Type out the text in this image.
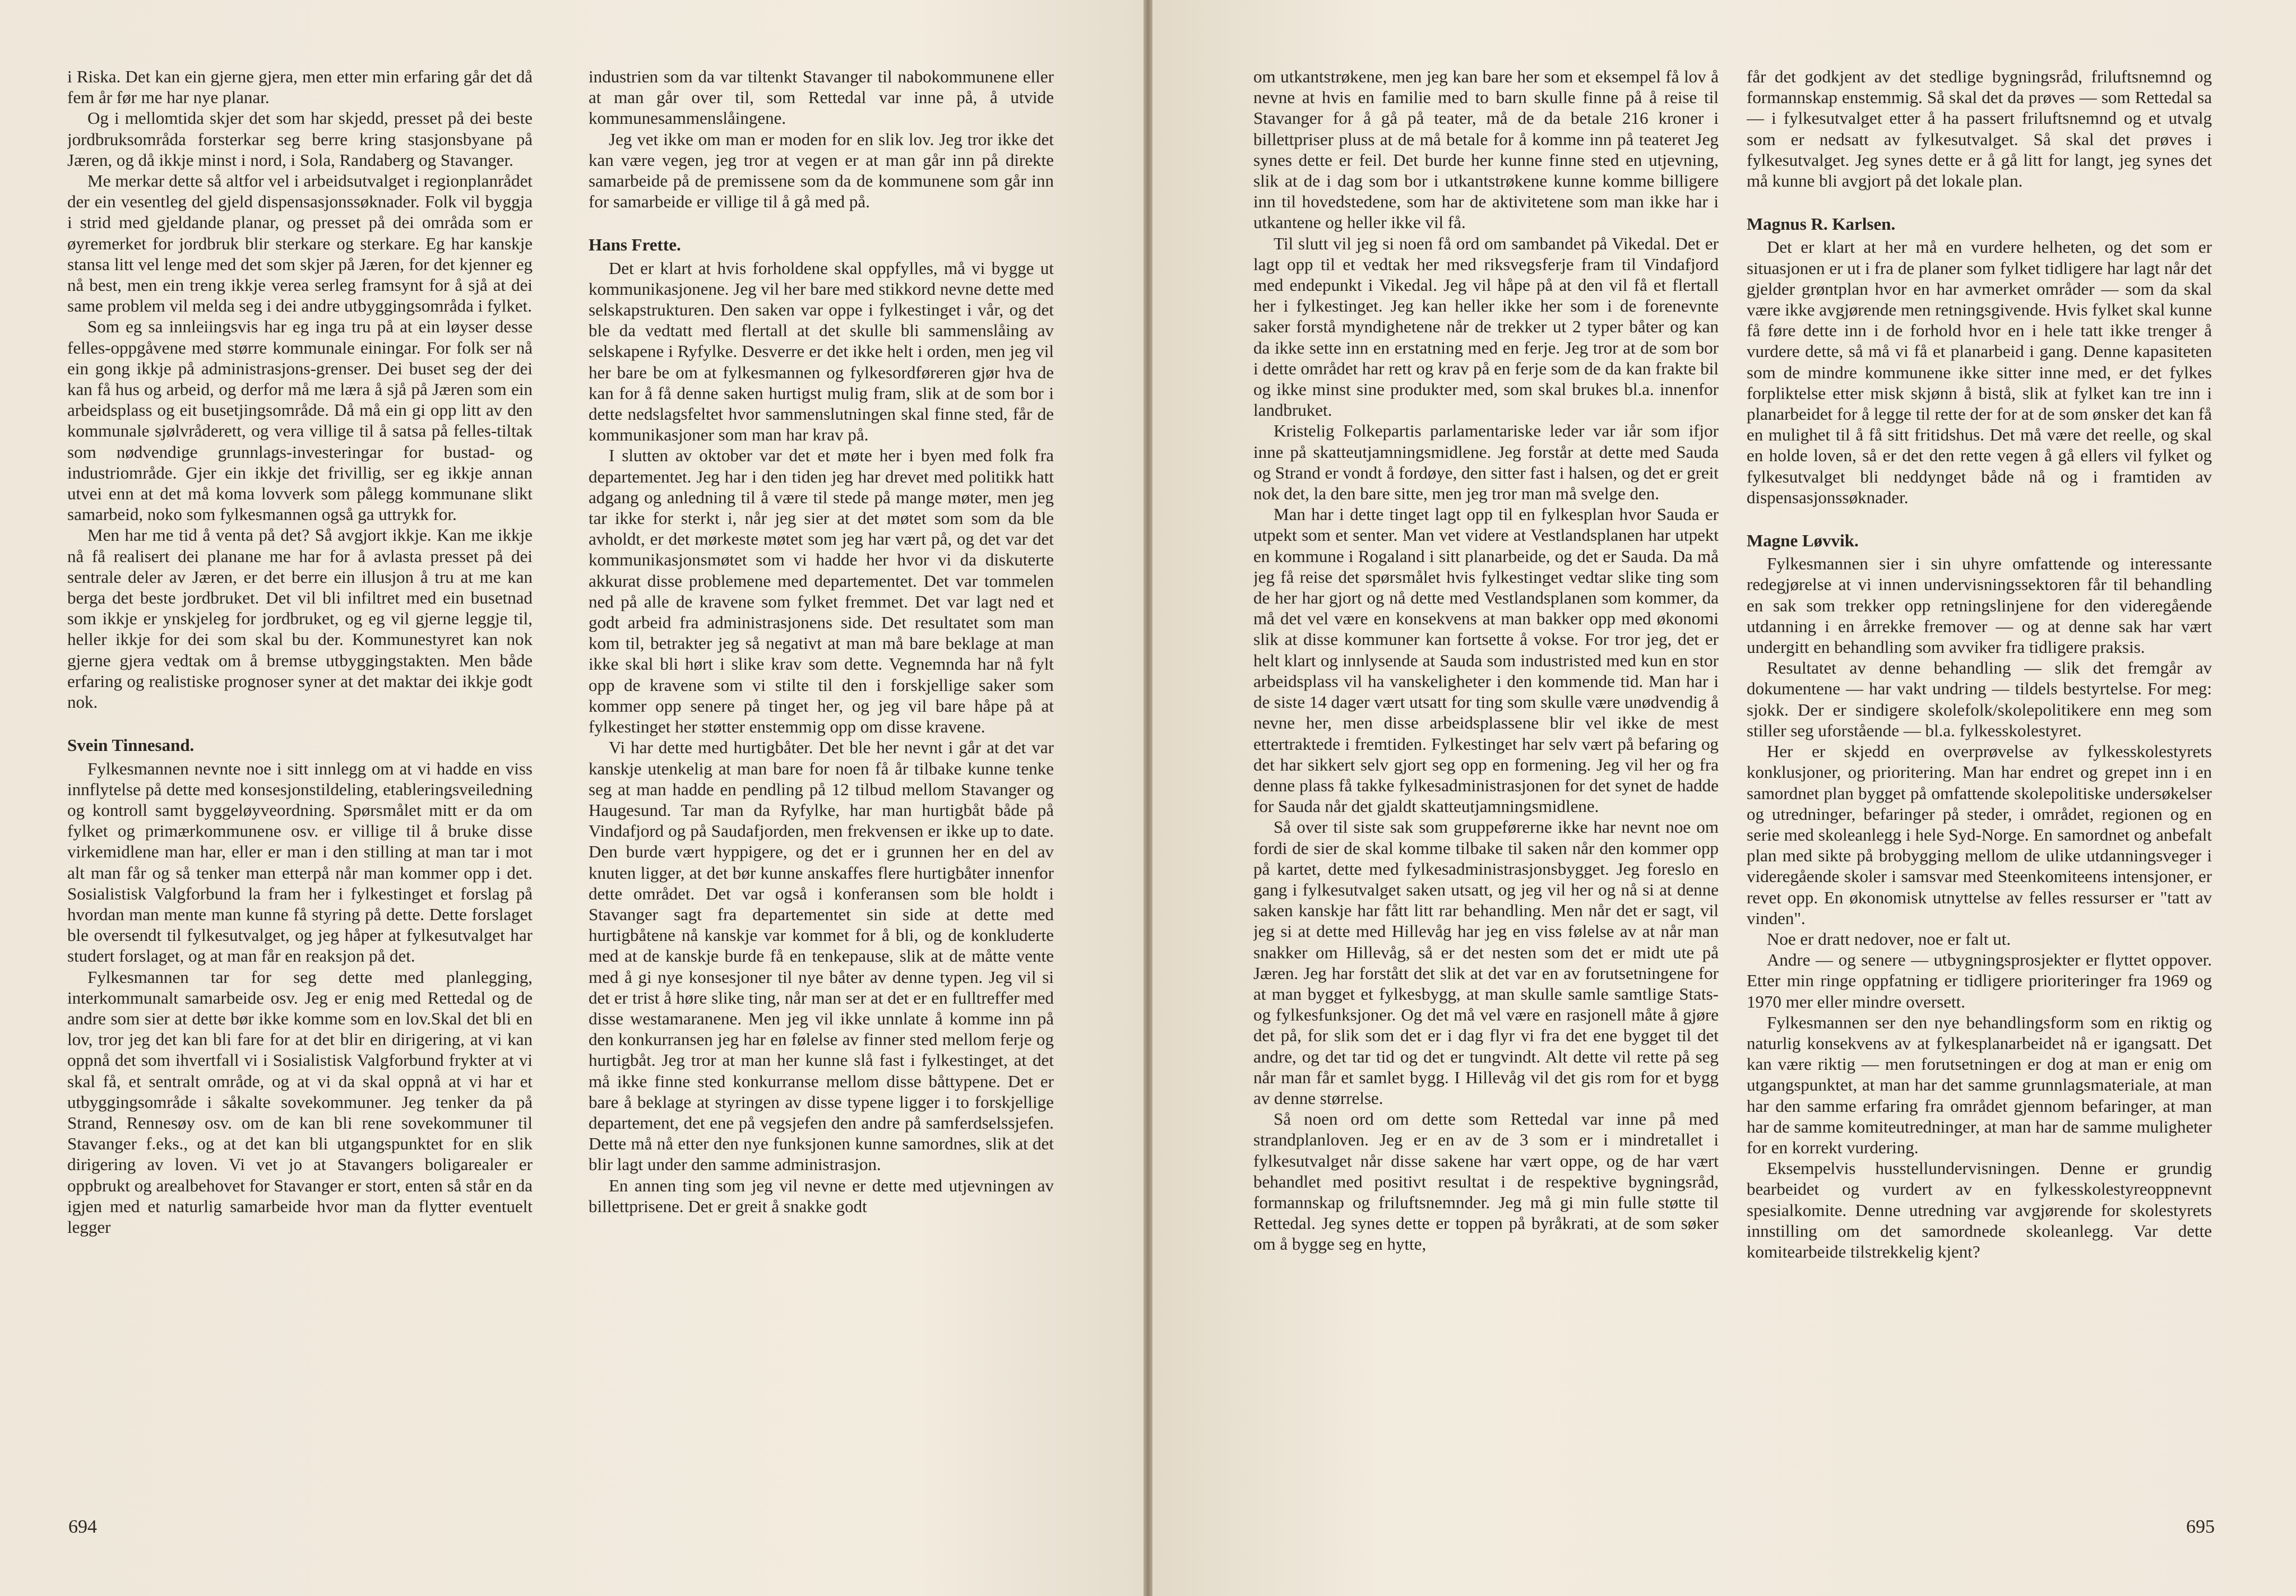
i Riska. Det kan ein gjerne gjera, men etter min erfaring går det då fem år før me har nye planar.

Og i mellomtida skjer det som har skjedd, presset på dei beste jordbruksområda forsterkar seg berre kring stasjonsbyane på Jæren, og då ikkje minst i nord, i Sola, Randaberg og Stavanger.

Me merkar dette så altfor vel i arbeidsutvalget i regionplanrådet der ein vesentleg del gjeld dispensasjonssøknader. Folk vil byggja i strid med gjeldande planar, og presset på dei områda som er øyremerket for jordbruk blir sterkare og sterkare. Eg har kanskje stansa litt vel lenge med det som skjer på Jæren, for det kjenner eg nå best, men ein treng ikkje verea serleg framsynt for å sjå at dei same problem vil melda seg i dei andre utbyggingsområda i fylket.

Som eg sa innleiingsvis har eg inga tru på at ein løyser desse felles-oppgåvene med større kommunale einingar. For folk ser nå ein gong ikkje på administrasjons-grenser. Dei buset seg der dei kan få hus og arbeid, og derfor må me læra å sjå på Jæren som ein arbeidsplass og eit busetjingsområde. Då må ein gi opp litt av den kommunale sjølvråderett, og vera villige til å satsa på felles-tiltak som nødvendige grunnlags-investeringar for bustad- og industriområde. Gjer ein ikkje det frivillig, ser eg ikkje annan utvei enn at det må koma lovverk som pålegg kommunane slikt samarbeid, noko som fylkesmannen også ga uttrykk for.

Men har me tid å venta på det? Så avgjort ikkje. Kan me ikkje nå få realisert dei planane me har for å avlasta presset på dei sentrale deler av Jæren, er det berre ein illusjon å tru at me kan berga det beste jordbruket. Det vil bli infiltret med ein busetnad som ikkje er ynskjeleg for jordbruket, og eg vil gjerne leggje til, heller ikkje for dei som skal bu der. Kommunestyret kan nok gjerne gjera vedtak om å bremse utbyggingstakten. Men både erfaring og realistiske prognoser syner at det maktar dei ikkje godt nok.

Svein Tinnesand.

Fylkesmannen nevnte noe i sitt innlegg om at vi hadde en viss innflytelse på dette med konsesjonstildeling, etableringsveiledning og kontroll samt byggeløyveordning. Spørsmålet mitt er da om fylket og primærkommunene osv. er villige til å bruke disse virkemidlene man har, eller er man i den stilling at man tar i mot alt man får og så tenker man etterpå når man kommer opp i det. Sosialistisk Valgforbund la fram her i fylkestinget et forslag på hvordan man mente man kunne få styring på dette. Dette forslaget ble oversendt til fylkesutvalget, og jeg håper at fylkesutvalget har studert forslaget, og at man får en reaksjon på det.

Fylkesmannen tar for seg dette med planlegging, interkommunalt samarbeide osv. Jeg er enig med Rettedal og de andre som sier at dette bør ikke komme som en lov.Skal det bli en lov, tror jeg det kan bli fare for at det blir en dirigering, at vi kan oppnå det som ihvertfall vi i Sosialistisk Valgforbund frykter at vi skal få, et sentralt område, og at vi da skal oppnå at vi har et utbyggingsområde i såkalte sovekommuner. Jeg tenker da på Strand, Rennesøy osv. om de kan bli rene sovekommuner til Stavanger f.eks., og at det kan bli utgangspunktet for en slik dirigering av loven. Vi vet jo at Stavangers boligarealer er oppbrukt og arealbehovet for Stavanger er stort, enten så står en da igjen med et naturlig samarbeide hvor man da flytter eventuelt legger

industrien som da var tiltenkt Stavanger til nabokommunene eller at man går over til, som Rettedal var inne på, å utvide kommunesammenslåingene.

Jeg vet ikke om man er moden for en slik lov. Jeg tror ikke det kan være vegen, jeg tror at vegen er at man går inn på direkte samarbeide på de premissene som da de kommunene som går inn for samarbeide er villige til å gå med på.

Hans Frette.

Det er klart at hvis forholdene skal oppfylles, må vi bygge ut kommunikasjonene. Jeg vil her bare med stikkord nevne dette med selskapstrukturen. Den saken var oppe i fylkestinget i vår, og det ble da vedtatt med flertall at det skulle bli sammenslåing av selskapene i Ryfylke. Desverre er det ikke helt i orden, men jeg vil her bare be om at fylkesmannen og fylkesordføreren gjør hva de kan for å få denne saken hurtigst mulig fram, slik at de som bor i dette nedslagsfeltet hvor sammenslutningen skal finne sted, får de kommunikasjoner som man har krav på.

I slutten av oktober var det et møte her i byen med folk fra departementet. Jeg har i den tiden jeg har drevet med politikk hatt adgang og anledning til å være til stede på mange møter, men jeg tar ikke for sterkt i, når jeg sier at det møtet som som da ble avholdt, er det mørkeste møtet som jeg har vært på, og det var det kommunikasjonsmøtet som vi hadde her hvor vi da diskuterte akkurat disse problemene med departementet. Det var tommelen ned på alle de kravene som fylket fremmet. Det var lagt ned et godt arbeid fra administrasjonens side. Det resultatet som man kom til, betrakter jeg så negativt at man må bare beklage at man ikke skal bli hørt i slike krav som dette. Vegnemnda har nå fylt opp de kravene som vi stilte til den i forskjellige saker som kommer opp senere på tinget her, og jeg vil bare håpe på at fylkestinget her støtter enstemmig opp om disse kravene.

Vi har dette med hurtigbåter. Det ble her nevnt i går at det var kanskje utenkelig at man bare for noen få år tilbake kunne tenke seg at man hadde en pendling på 12 tilbud mellom Stavanger og Haugesund. Tar man da Ryfylke, har man hurtigbåt både på Vindafjord og på Saudafjorden, men frekvensen er ikke up to date. Den burde vært hyppigere, og det er i grunnen her en del av knuten ligger, at det bør kunne anskaffes flere hurtigbåter innenfor dette området. Det var også i konferansen som ble holdt i Stavanger sagt fra departementet sin side at dette med hurtigbåtene nå kanskje var kommet for å bli, og de konkluderte med at de kanskje burde få en tenkepause, slik at de måtte vente med å gi nye konsesjoner til nye båter av denne typen. Jeg vil si det er trist å høre slike ting, når man ser at det er en fulltreffer med disse westamaranene. Men jeg vil ikke unnlate å komme inn på den konkurransen jeg har en følelse av finner sted mellom ferje og hurtigbåt. Jeg tror at man her kunne slå fast i fylkestinget, at det må ikke finne sted konkurranse mellom disse båttypene. Det er bare å beklage at styringen av disse typene ligger i to forskjellige departement, det ene på vegsjefen den andre på samferdselssjefen. Dette må nå etter den nye funksjonen kunne samordnes, slik at det blir lagt under den samme administrasjon.

En annen ting som jeg vil nevne er dette med utjevningen av billettprisene. Det er greit å snakke godt

694

om utkantstrøkene, men jeg kan bare her som et eksempel få lov å nevne at hvis en familie med to barn skulle finne på å reise til Stavanger for å gå på teater, må de da betale 216 kroner i billettpriser pluss at de må betale for å komme inn på teateret Jeg synes dette er feil. Det burde her kunne finne sted en utjevning, slik at de i dag som bor i utkantstrøkene kunne komme billigere inn til hovedstedene, som har de aktivitetene som man ikke har i utkantene og heller ikke vil få.

Til slutt vil jeg si noen få ord om sambandet på Vikedal. Det er lagt opp til et vedtak her med riksvegsferje fram til Vindafjord med endepunkt i Vikedal. Jeg vil håpe på at den vil få et flertall her i fylkestinget. Jeg kan heller ikke her som i de forenevnte saker forstå myndighetene når de trekker ut 2 typer båter og kan da ikke sette inn en erstatning med en ferje. Jeg tror at de som bor i dette området har rett og krav på en ferje som de da kan frakte bil og ikke minst sine produkter med, som skal brukes bl.a. innenfor landbruket.

Kristelig Folkepartis parlamentariske leder var iår som ifjor inne på skatteutjamningsmidlene. Jeg forstår at dette med Sauda og Strand er vondt å fordøye, den sitter fast i halsen, og det er greit nok det, la den bare sitte, men jeg tror man må svelge den.

Man har i dette tinget lagt opp til en fylkesplan hvor Sauda er utpekt som et senter. Man vet videre at Vestlandsplanen har utpekt en kommune i Rogaland i sitt planarbeide, og det er Sauda. Da må jeg få reise det spørsmålet hvis fylkestinget vedtar slike ting som de her har gjort og nå dette med Vestlandsplanen som kommer, da må det vel være en konsekvens at man bakker opp med økonomi slik at disse kommuner kan fortsette å vokse. For tror jeg, det er helt klart og innlysende at Sauda som industristed med kun en stor arbeidsplass vil ha vanskeligheter i den kommende tid. Man har i de siste 14 dager vært utsatt for ting som skulle være unødvendig å nevne her, men disse arbeidsplassene blir vel ikke de mest ettertraktede i fremtiden. Fylkestinget har selv vært på befaring og det har sikkert selv gjort seg opp en formening. Jeg vil her og fra denne plass få takke fylkesadministrasjonen for det synet de hadde for Sauda når det gjaldt skatteutjamningsmidlene.

Så over til siste sak som gruppeførerne ikke har nevnt noe om fordi de sier de skal komme tilbake til saken når den kommer opp på kartet, dette med fylkesadministrasjonsbygget. Jeg foreslo en gang i fylkesutvalget saken utsatt, og jeg vil her og nå si at denne saken kanskje har fått litt rar behandling. Men når det er sagt, vil jeg si at dette med Hillevåg har jeg en viss følelse av at når man snakker om Hillevåg, så er det nesten som det er midt ute på Jæren. Jeg har forstått det slik at det var en av forutsetningene for at man bygget et fylkesbygg, at man skulle samle samtlige Stats- og fylkesfunksjoner. Og det må vel være en rasjonell måte å gjøre det på, for slik som det er i dag flyr vi fra det ene bygget til det andre, og det tar tid og det er tungvindt. Alt dette vil rette på seg når man får et samlet bygg. I Hillevåg vil det gis rom for et bygg av denne størrelse.

Så noen ord om dette som Rettedal var inne på med strandplanloven. Jeg er en av de 3 som er i mindretallet i fylkesutvalget når disse sakene har vært oppe, og de har vært behandlet med positivt resultat i de respektive bygningsråd, formannskap og friluftsnemnder. Jeg må gi min fulle støtte til Rettedal. Jeg synes dette er toppen på byråkrati, at de som søker om å bygge seg en hytte,

får det godkjent av det stedlige bygningsråd, friluftsnemnd og formannskap enstemmig. Så skal det da prøves — som Rettedal sa — i fylkesutvalget etter å ha passert friluftsnemnd og et utvalg som er nedsatt av fylkesutvalget. Så skal det prøves i fylkesutvalget. Jeg synes dette er å gå litt for langt, jeg synes det må kunne bli avgjort på det lokale plan.

Magnus R. Karlsen.

Det er klart at her må en vurdere helheten, og det som er situasjonen er ut i fra de planer som fylket tidligere har lagt når det gjelder grøntplan hvor en har avmerket områder — som da skal være ikke avgjørende men retningsgivende. Hvis fylket skal kunne få føre dette inn i de forhold hvor en i hele tatt ikke trenger å vurdere dette, så må vi få et planarbeid i gang. Denne kapasiteten som de mindre kommunene ikke sitter inne med, er det fylkes forpliktelse etter misk skjønn å bistå, slik at fylket kan tre inn i planarbeidet for å legge til rette der for at de som ønsker det kan få en mulighet til å få sitt fritidshus. Det må være det reelle, og skal en holde loven, så er det den rette vegen å gå ellers vil fylket og fylkesutvalget bli neddynget både nå og i framtiden av dispensasjonssøknader.

Magne Løvvik.

Fylkesmannen sier i sin uhyre omfattende og interessante redegjørelse at vi innen undervisningssektoren får til behandling en sak som trekker opp retningslinjene for den videregående utdanning i en årrekke fremover — og at denne sak har vært undergitt en behandling som avviker fra tidligere praksis.

Resultatet av denne behandling — slik det fremgår av dokumentene — har vakt undring — tildels bestyrtelse. For meg: sjokk. Der er sindigere skolefolk/skolepolitikere enn meg som stiller seg uforstående — bl.a. fylkesskolestyret.

Her er skjedd en overprøvelse av fylkesskolestyrets konklusjoner, og prioritering. Man har endret og grepet inn i en samordnet plan bygget på omfattende skolepolitiske undersøkelser og utredninger, befaringer på steder, i området, regionen og en serie med skoleanlegg i hele Syd-Norge. En samordnet og anbefalt plan med sikte på brobygging mellom de ulike utdanningsveger i videregående skoler i samsvar med Steenkomiteens intensjoner, er revet opp. En økonomisk utnyttelse av felles ressurser er "tatt av vinden".

Noe er dratt nedover, noe er falt ut.

Andre — og senere — utbygningsprosjekter er flyttet oppover. Etter min ringe oppfatning er tidligere prioriteringer fra 1969 og 1970 mer eller mindre oversett.

Fylkesmannen ser den nye behandlingsform som en riktig og naturlig konsekvens av at fylkesplanarbeidet nå er igangsatt. Det kan være riktig — men forutsetningen er dog at man er enig om utgangspunktet, at man har det samme grunnlagsmateriale, at man har den samme erfaring fra området gjennom befaringer, at man har de samme komiteutredninger, at man har de samme muligheter for en korrekt vurdering.

Eksempelvis husstellundervisningen. Denne er grundig bearbeidet og vurdert av en fylkesskolestyreoppnevnt spesialkomite. Denne utredning var avgjørende for skolestyrets innstilling om det samordnede skoleanlegg. Var dette komitearbeide tilstrekkelig kjent?

695
